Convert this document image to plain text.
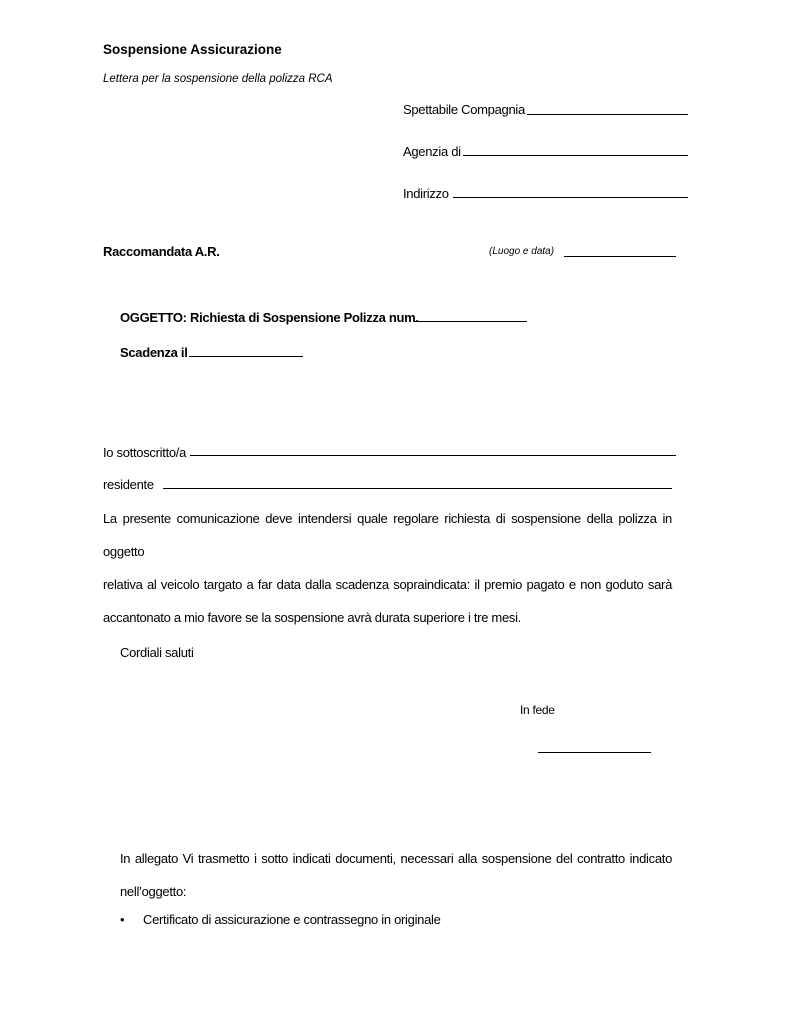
Sospensione Assicurazione
Lettera per la sospensione della polizza RCA
Spettabile Compagnia
Agenzia di
Indirizzo
Raccomandata A.R.	(Luogo e data)
OGGETTO: Richiesta di Sospensione Polizza num.
Scadenza il
Io sottoscritto/a
residente

La presente comunicazione deve intendersi quale regolare richiesta di sospensione della polizza in oggetto

relativa al veicolo targato a far data dalla scadenza sopraindicata: il premio pagato e non goduto sarà

accantonato a mio favore se la sospensione avrà durata superiore i tre mesi.

Cordiali saluti
In fede

In allegato Vi trasmetto i sotto indicati documenti, necessari alla sospensione del contratto indicato

nell’oggetto:

• Certificato di assicurazione e contrassegno in originale
